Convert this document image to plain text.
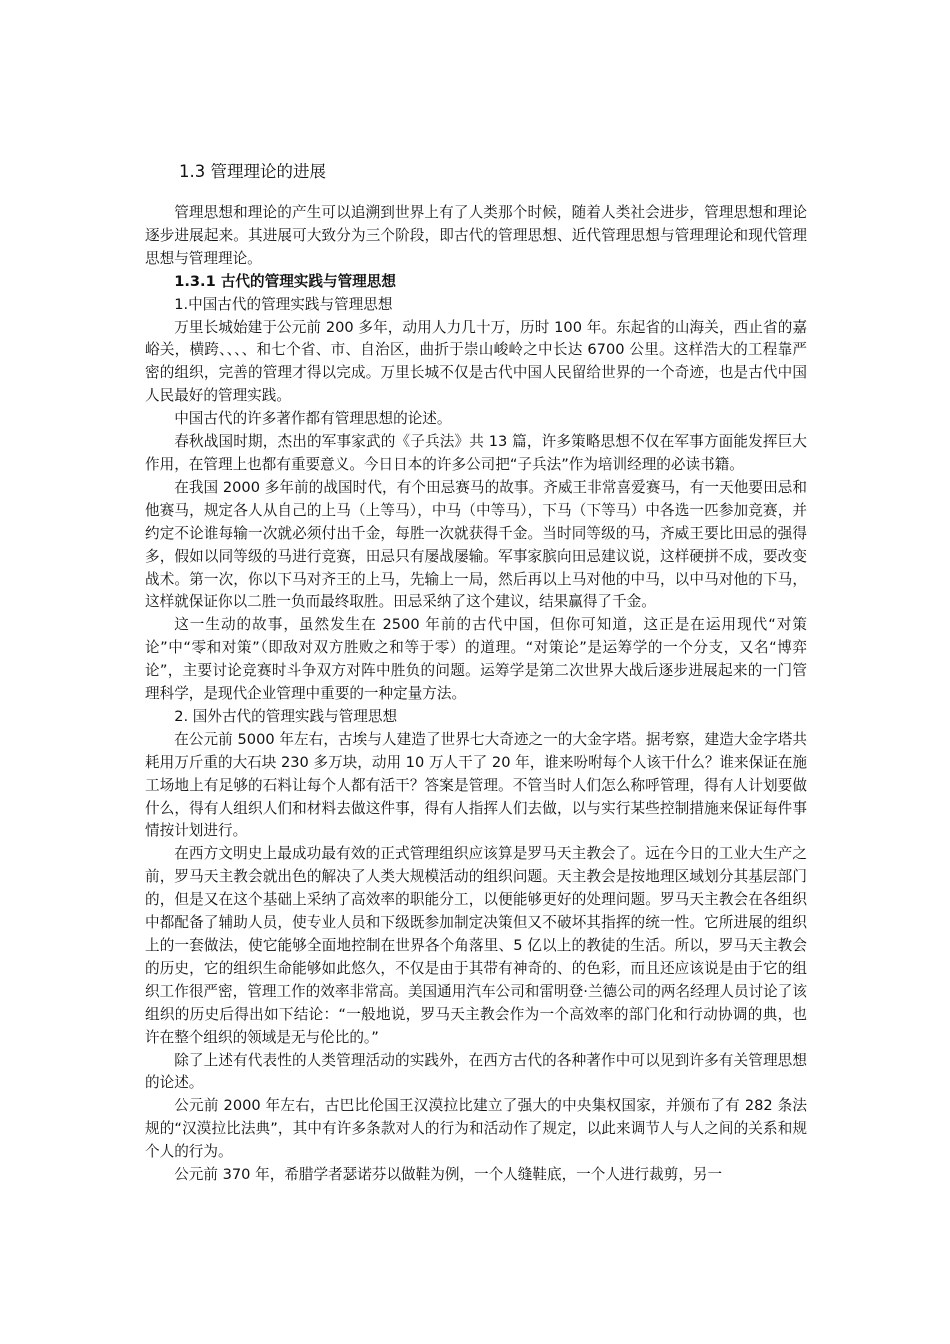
1.3 管理理论的进展

管理思想和理论的产生可以追溯到世界上有了人类那个时候，随着人类社会进步，管理思想和理论逐步进展起来。其进展可大致分为三个阶段，即古代的管理思想、近代管理思想与管理理论和现代管理思想与管理理论。

1.3.1 古代的管理实践与管理思想
1.中国古代的管理实践与管理思想

万里长城始建于公元前 200 多年，动用人力几十万，历时 100 年。东起省的山海关，西止省的嘉峪关，横跨、、、、和七个省、市、自治区，曲折于崇山峻岭之中长达 6700 公里。这样浩大的工程靠严密的组织，完善的管理才得以完成。万里长城不仅是古代中国人民留给世界的一个奇迹，也是古代中国人民最好的管理实践。

中国古代的许多著作都有管理思想的论述。

春秋战国时期，杰出的军事家武的《子兵法》共 13 篇，许多策略思想不仅在军事方面能发挥巨大作用，在管理上也都有重要意义。今日日本的许多公司把“子兵法”作为培训经理的必读书籍。

在我国 2000 多年前的战国时代，有个田忌赛马的故事。齐威王非常喜爱赛马，有一天他要田忌和他赛马，规定各人从自己的上马（上等马），中马（中等马），下马（下等马）中各选一匹参加竞赛，并约定不论谁每输一次就必须付出千金，每胜一次就获得千金。当时同等级的马，齐威王要比田忌的强得多，假如以同等级的马进行竞赛，田忌只有屡战屡输。军事家膑向田忌建议说，这样硬拼不成，要改变战术。第一次，你以下马对齐王的上马，先输上一局，然后再以上马对他的中马，以中马对他的下马，这样就保证你以二胜一负而最终取胜。田忌采纳了这个建议，结果赢得了千金。

这一生动的故事，虽然发生在 2500 年前的古代中国，但你可知道，这正是在运用现代“对策论”中“零和对策”（即敌对双方胜败之和等于零）的道理。“对策论”是运筹学的一个分支，又名“博弈论”，主要讨论竞赛时斗争双方对阵中胜负的问题。运筹学是第二次世界大战后逐步进展起来的一门管理科学，是现代企业管理中重要的一种定量方法。

2. 国外古代的管理实践与管理思想

在公元前 5000 年左右，古埃与人建造了世界七大奇迹之一的大金字塔。据考察，建造大金字塔共耗用万斤重的大石块 230 多万块，动用 10 万人干了 20 年，谁来吩咐每个人该干什么？谁来保证在施工场地上有足够的石料让每个人都有活干？答案是管理。不管当时人们怎么称呼管理，得有人计划要做什么，得有人组织人们和材料去做这件事，得有人指挥人们去做，以与实行某些控制措施来保证每件事情按计划进行。

在西方文明史上最成功最有效的正式管理组织应该算是罗马天主教会了。远在今日的工业大生产之前，罗马天主教会就出色的解决了人类大规模活动的组织问题。天主教会是按地理区域划分其基层部门的，但是又在这个基础上采纳了高效率的职能分工，以便能够更好的处理问题。罗马天主教会在各组织中都配备了辅助人员，使专业人员和下级既参加制定决策但又不破坏其指挥的统一性。它所进展的组织上的一套做法，使它能够全面地控制在世界各个角落里、5 亿以上的教徒的生活。所以，罗马天主教会的历史，它的组织生命能够如此悠久，不仅是由于其带有神奇的、的色彩，而且还应该说是由于它的组织工作很严密，管理工作的效率非常高。美国通用汽车公司和雷明登·兰德公司的两名经理人员讨论了该组织的历史后得出如下结论：“一般地说，罗马天主教会作为一个高效率的部门化和行动协调的典，也许在整个组织的领域是无与伦比的。”

除了上述有代表性的人类管理活动的实践外，在西方古代的各种著作中可以见到许多有关管理思想的论述。

公元前 2000 年左右，古巴比伦国王汉漠拉比建立了强大的中央集权国家，并颁布了有 282 条法规的“汉漠拉比法典”，其中有许多条款对人的行为和活动作了规定，以此来调节人与人之间的关系和规个人的行为。

公元前 370 年，希腊学者瑟诺芬以做鞋为例，一个人缝鞋底，一个人进行裁剪，另一
